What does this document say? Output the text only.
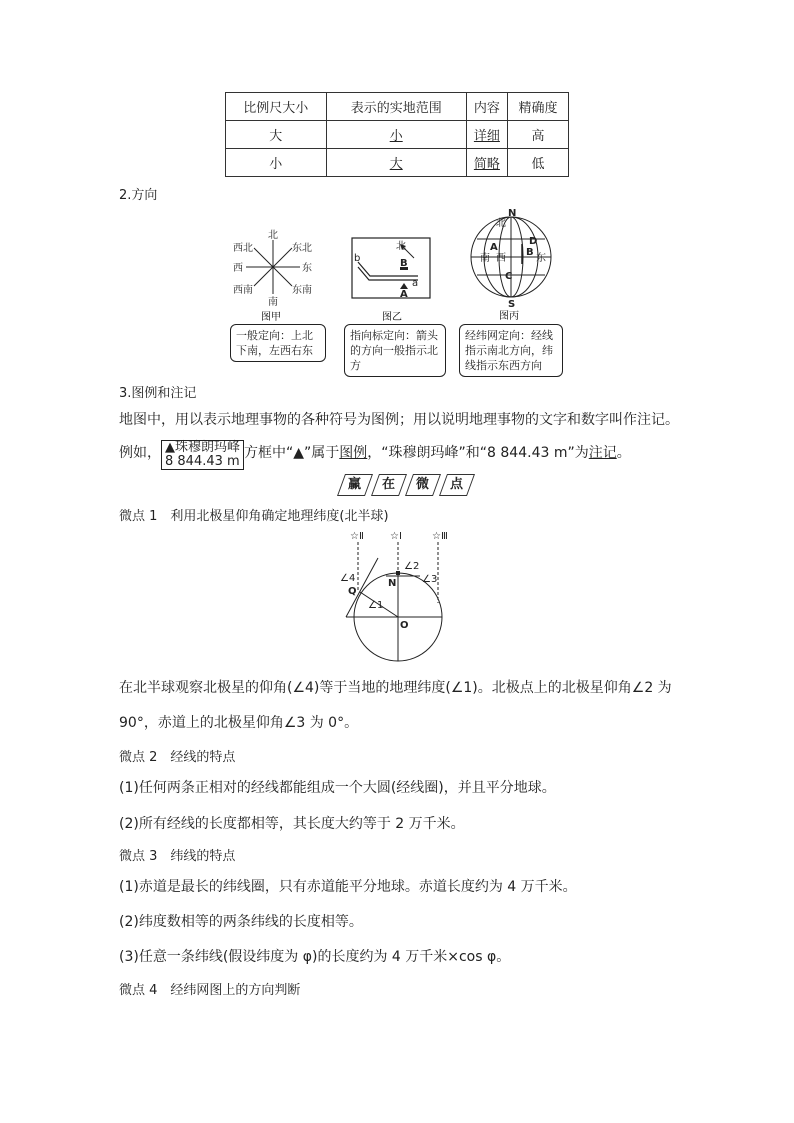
比例尺大小	表示的实地范围	内容	精确度
大	小	详细	高
小	大	简略	低
2.方向
北
南
西	东
西北	东北
西南	东南
图甲
一般定向：上北下南，左西右东
北
b	B
A
a
图乙
指向标定向：箭头的方向一般指示北方
N
S
北
A	B
C
D
南 西	东
图丙
经纬网定向：经线指示南北方向，纬线指示东西方向
3.图例和注记
地图中，用以表示地理事物的各种符号为图例；用以说明地理事物的文字和数字叫作注记。
例如， ▲珠穆朗玛峰
8 844.43 m方框中“▲”属于图例，“珠穆朗玛峰”和“8 844.43 m”为注记。
赢 在 微 点
微点 1　利用北极星仰角确定地理纬度(北半球)
☆Ⅱ	☆Ⅰ	☆Ⅲ
∠4
∠2
∠3
∠1
N
Q
O
在北半球观察北极星的仰角(∠4)等于当地的地理纬度(∠1)。北极点上的北极星仰角∠2 为
90°，赤道上的北极星仰角∠3 为 0°。
微点 2　经线的特点
(1)任何两条正相对的经线都能组成一个大圆(经线圈)，并且平分地球。
(2)所有经线的长度都相等，其长度大约等于 2 万千米。
微点 3　纬线的特点
(1)赤道是最长的纬线圈，只有赤道能平分地球。赤道长度约为 4 万千米。
(2)纬度数相等的两条纬线的长度相等。
(3)任意一条纬线(假设纬度为 φ)的长度约为 4 万千米×cos φ。
微点 4　经纬网图上的方向判断
